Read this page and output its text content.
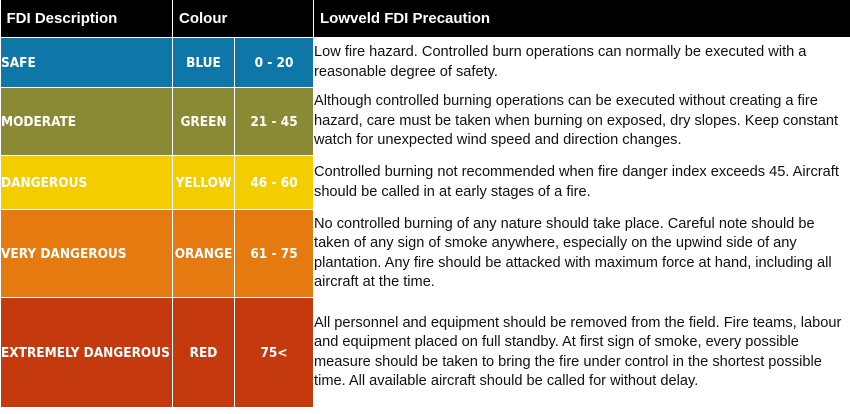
FDI Description	Colour		Lowveld FDI Precaution
SAFE	BLUE	0 - 20	Low fire hazard. Controlled burn operations can normally be executed with a reasonable degree of safety.

MODERATE	GREEN	21 - 45	Although controlled burning operations can be executed without creating a fire hazard, care must be taken when burning on exposed, dry slopes. Keep constant watch for unexpected wind speed and direction changes.

DANGEROUS	YELLOW	46 - 60	Controlled burning not recommended when fire danger index exceeds 45. Aircraft should be called in at early stages of a fire.

VERY DANGEROUS	ORANGE	61 - 75	No controlled burning of any nature should take place. Careful note should be taken of any sign of smoke anywhere, especially on the upwind side of any plantation. Any fire should be attacked with maximum force at hand, including all aircraft at the time.

EXTREMELY DANGEROUS	RED	75<	All personnel and equipment should be removed from the field. Fire teams, labour and equipment placed on full standby. At first sign of smoke, every possible measure should be taken to bring the fire under control in the shortest possible time. All available aircraft should be called for without delay.
